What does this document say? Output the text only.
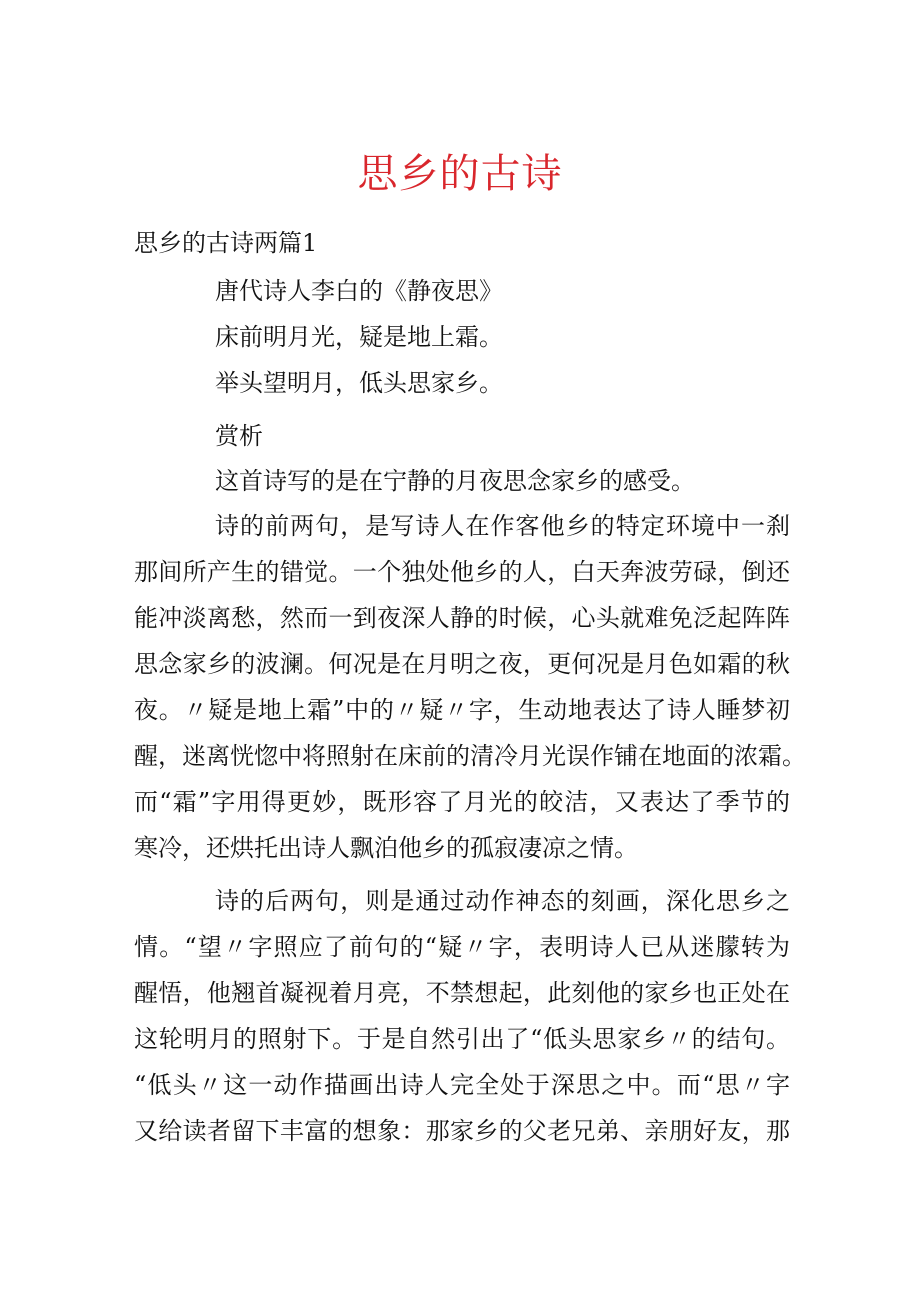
思乡的古诗
思乡的古诗两篇1
唐代诗人李白的《静夜思》
床前明月光，疑是地上霜。
举头望明月，低头思家乡。
赏析
这首诗写的是在宁静的月夜思念家乡的感受。
诗的前两句，是写诗人在作客他乡的特定环境中一刹
那间所产生的错觉。一个独处他乡的人，白天奔波劳碌，倒还
能冲淡离愁，然而一到夜深人静的时候，心头就难免泛起阵阵
思念家乡的波澜。何况是在月明之夜，更何况是月色如霜的秋
夜。〃疑是地上霜”中的〃疑〃字，生动地表达了诗人睡梦初
醒，迷离恍惚中将照射在床前的清冷月光误作铺在地面的浓霜。
而“霜”字用得更妙，既形容了月光的皎洁，又表达了季节的
寒冷，还烘托出诗人飘泊他乡的孤寂凄凉之情。
诗的后两句，则是通过动作神态的刻画，深化思乡之
情。“望〃字照应了前句的“疑〃字，表明诗人已从迷朦转为
醒悟，他翘首凝视着月亮，不禁想起，此刻他的家乡也正处在
这轮明月的照射下。于是自然引出了“低头思家乡〃的结句。
“低头〃这一动作描画出诗人完全处于深思之中。而“思〃字
又给读者留下丰富的想象：那家乡的父老兄弟、亲朋好友，那
